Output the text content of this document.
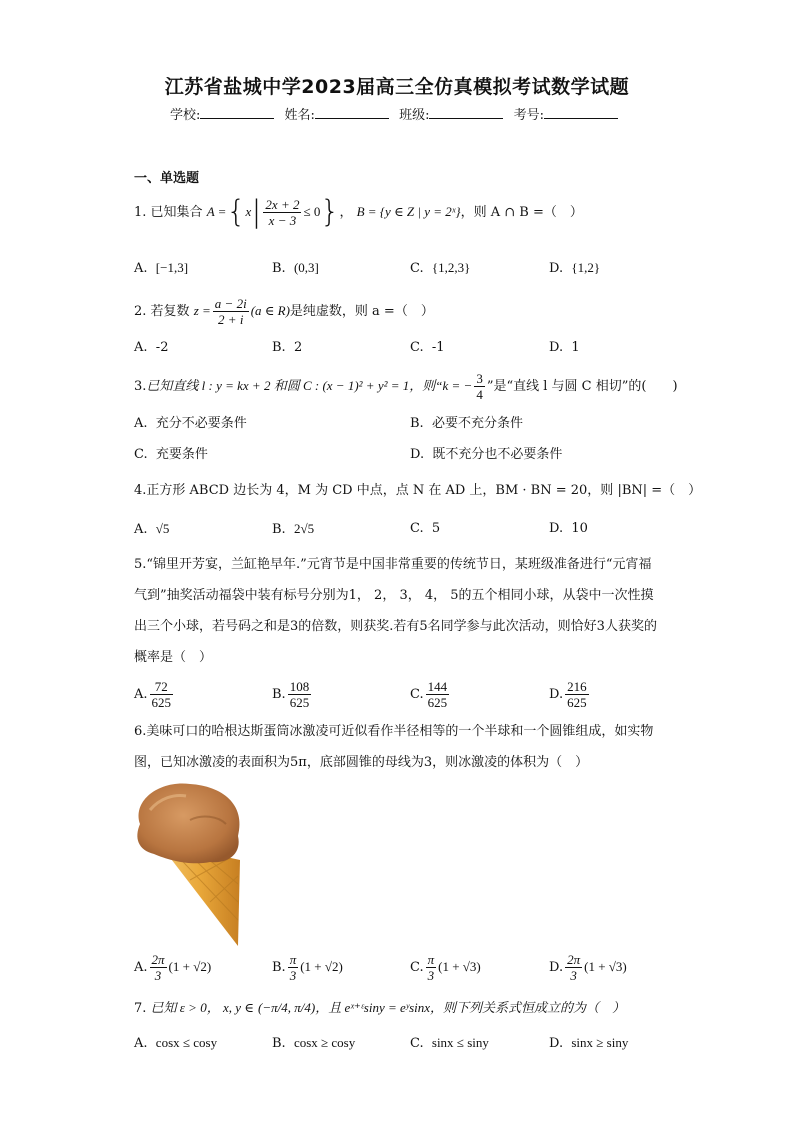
江苏省盐城中学2023届高三全仿真模拟考试数学试题
学校:	姓名:	班级:	考号:
一、单选题
1. 已知集合 $A =\{x| \frac{2x + 2}{x - 3} \le 0\}$， B = {y ∈ Z | y = 2ˣ}，则 A ∩ B =（　）
A. [−1,3]	B. (0,3]	C. {1,2,3}	D. {1,2}
2. 若复数 $z = \frac{a - 2i}{2 + i} (a$ ∈ R)是纯虚数，则 a =（　）
A. -2	B. 2	C. -1	D. 1
3.已知直线 l : y = kx + 2 和圆 C : (x − 1)² + y² = 1，则“k = − $\frac{3}{4}$ ”是“直线 l 与圆 C 相切”的(　　)
A. 充分不必要条件	B. 必要不充分条件
C. 充要条件	D. 既不充分也不必要条件
4.正方形 ABCD 边长为 4，M 为 CD 中点，点 N 在 AD 上，BM · BN = 20，则 |BN| =（　）
A. √5	B. 2√5	C. 5	D. 10
5.“锦里开芳宴，兰缸艳早年.”元宵节是中国非常重要的传统节日，某班级准备进行“元宵福气到”抽奖活动福袋中装有标号分别为1， 2， 3， 4， 5的五个相同小球，从袋中一次性摸出三个小球，若号码之和是3的倍数，则获奖.若有5名同学参与此次活动，则恰好3人获奖的概率是（　）
A. $\frac{72}{625}$	B. $\frac{108}{625}$	C. $\frac{144}{625}$	D. $\frac{216}{625}$
6.美味可口的哈根达斯蛋筒冰激凌可近似看作半径相等的一个半球和一个圆锥组成，如实物图，已知冰激凌的表面积为5π，底部圆锥的母线为3，则冰激凌的体积为（　）
A. $\frac{2\pi}{3} (1 + √2)$	B. $\frac{\pi}{3} (1 + √2)$	C. $\frac{\pi}{3} (1 + √3)$	D. $\frac{2\pi}{3} (1 + √3)$
7. 已知 ε > 0， x, y ∈ (−π/4, π/4)，且 eˣ⁺ᵋsiny = eʸsinx，则下列关系式恒成立的为（　）
A. cosx ≤ cosy	B. cosx ≥ cosy	C. sinx ≤ siny	D. sinx ≥ siny
